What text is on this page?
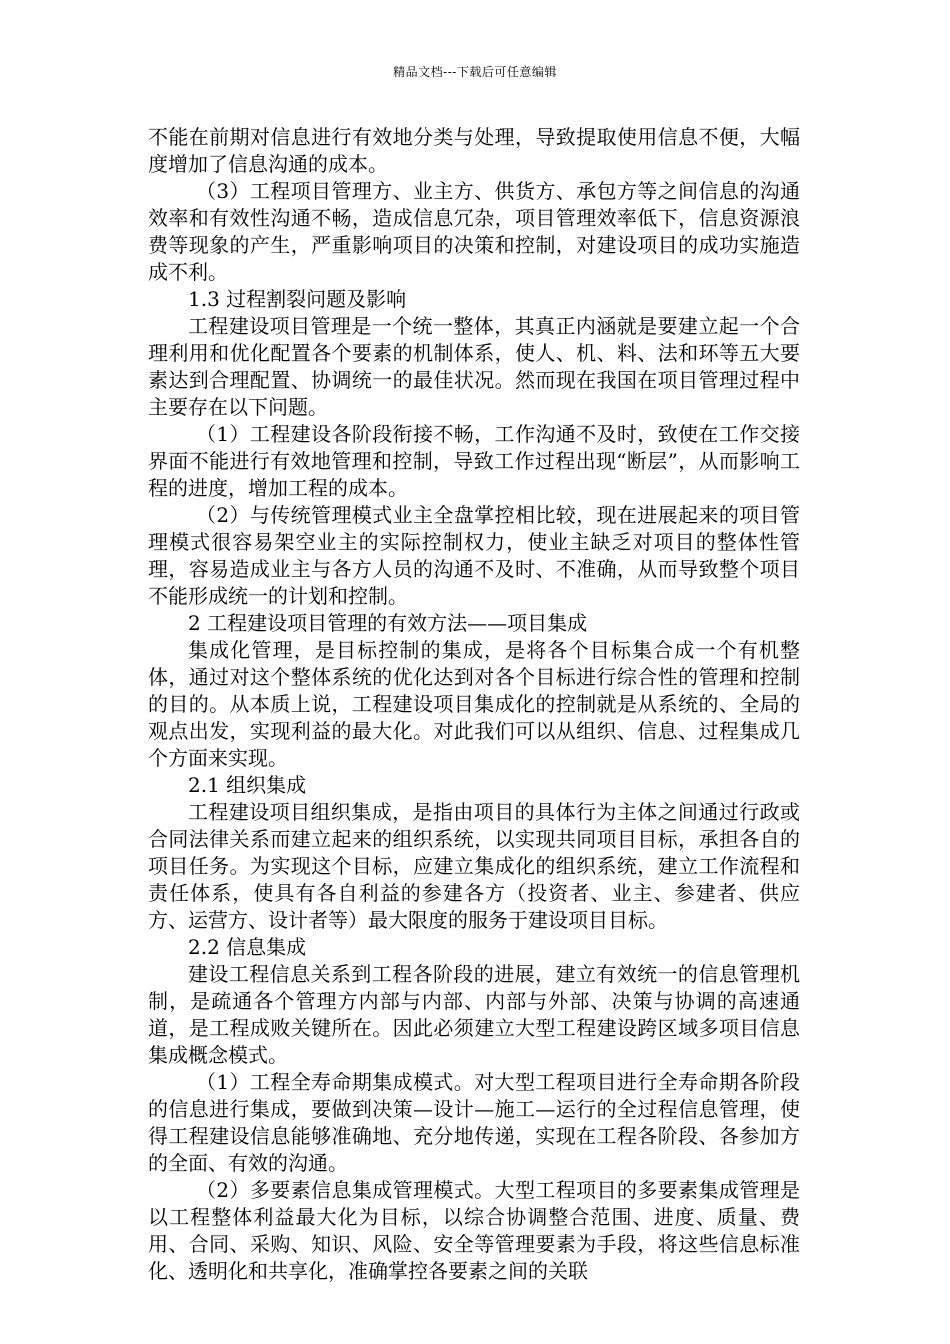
精品文档---下载后可任意编辑

不能在前期对信息进行有效地分类与处理，导致提取使用信息不便，大幅度增加了信息沟通的成本。

（3）工程项目管理方、业主方、供货方、承包方等之间信息的沟通效率和有效性沟通不畅，造成信息冗杂，项目管理效率低下，信息资源浪费等现象的产生，严重影响项目的决策和控制，对建设项目的成功实施造成不利。

1.3 过程割裂问题及影响

工程建设项目管理是一个统一整体，其真正内涵就是要建立起一个合理利用和优化配置各个要素的机制体系，使人、机、料、法和环等五大要素达到合理配置、协调统一的最佳状况。然而现在我国在项目管理过程中主要存在以下问题。

（1）工程建设各阶段衔接不畅，工作沟通不及时，致使在工作交接界面不能进行有效地管理和控制，导致工作过程出现“断层”，从而影响工程的进度，增加工程的成本。

（2）与传统管理模式业主全盘掌控相比较，现在进展起来的项目管理模式很容易架空业主的实际控制权力，使业主缺乏对项目的整体性管理，容易造成业主与各方人员的沟通不及时、不准确，从而导致整个项目不能形成统一的计划和控制。

2 工程建设项目管理的有效方法——项目集成

集成化管理，是目标控制的集成，是将各个目标集合成一个有机整体，通过对这个整体系统的优化达到对各个目标进行综合性的管理和控制的目的。从本质上说，工程建设项目集成化的控制就是从系统的、全局的观点出发，实现利益的最大化。对此我们可以从组织、信息、过程集成几个方面来实现。

2.1 组织集成

工程建设项目组织集成，是指由项目的具体行为主体之间通过行政或合同法律关系而建立起来的组织系统，以实现共同项目目标，承担各自的项目任务。为实现这个目标，应建立集成化的组织系统，建立工作流程和责任体系，使具有各自利益的参建各方（投资者、业主、参建者、供应方、运营方、设计者等）最大限度的服务于建设项目目标。

2.2 信息集成

建设工程信息关系到工程各阶段的进展，建立有效统一的信息管理机制，是疏通各个管理方内部与内部、内部与外部、决策与协调的高速通道，是工程成败关键所在。因此必须建立大型工程建设跨区域多项目信息集成概念模式。

（1）工程全寿命期集成模式。对大型工程项目进行全寿命期各阶段的信息进行集成，要做到决策—设计—施工—运行的全过程信息管理，使得工程建设信息能够准确地、充分地传递，实现在工程各阶段、各参加方的全面、有效的沟通。

（2）多要素信息集成管理模式。大型工程项目的多要素集成管理是以工程整体利益最大化为目标，以综合协调整合范围、进度、质量、费用、合同、采购、知识、风险、安全等管理要素为手段，将这些信息标准化、透明化和共享化，准确掌控各要素之间的关联
